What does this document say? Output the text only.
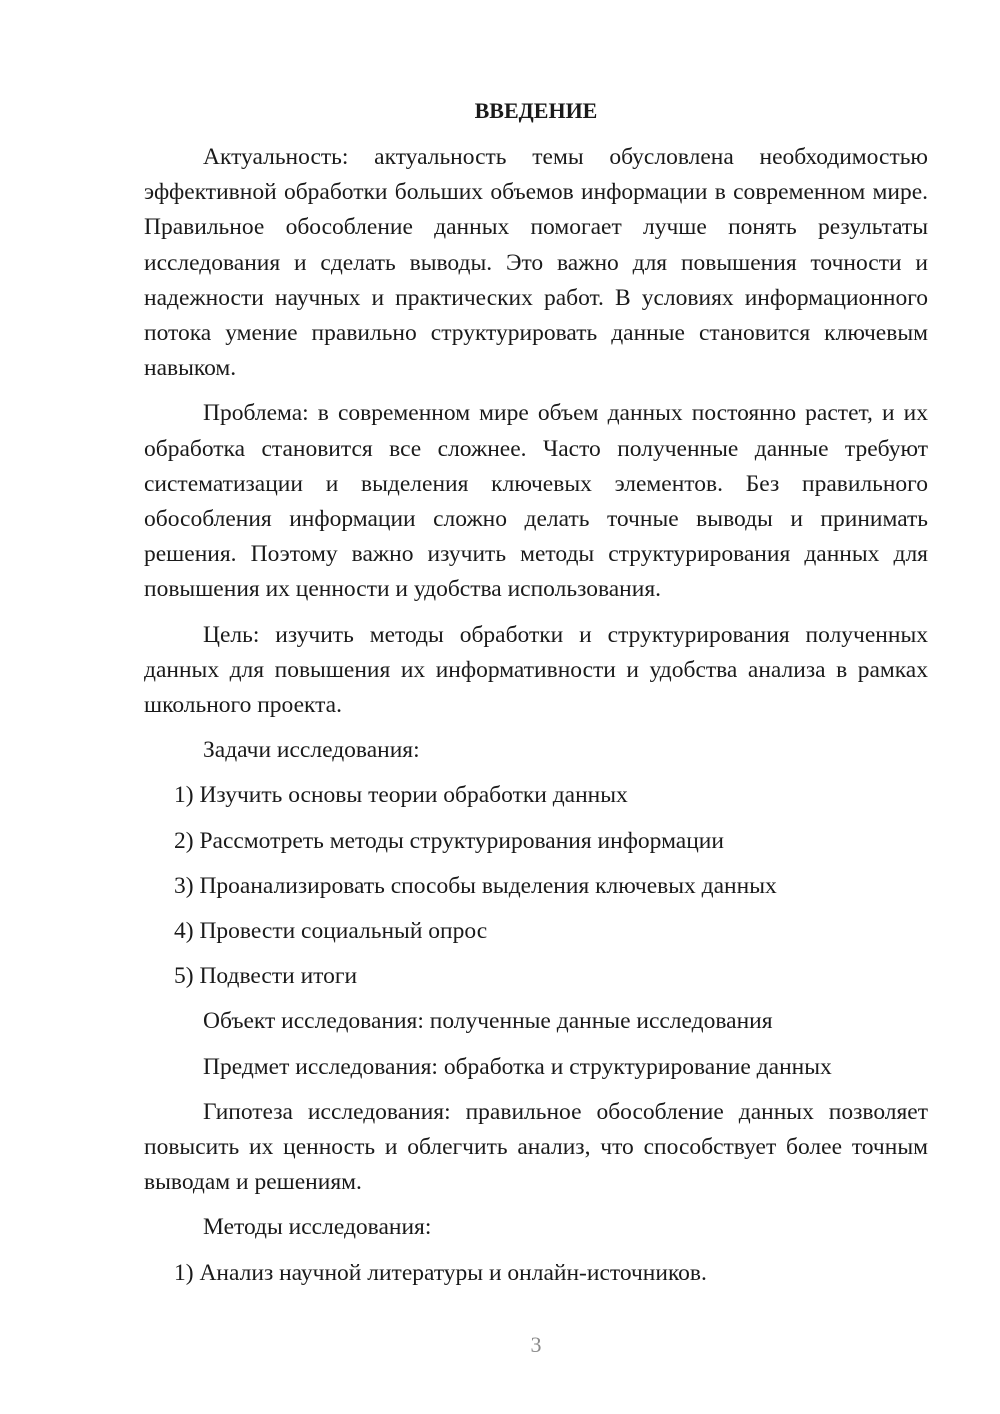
ВВЕДЕНИЕ
Актуальность: актуальность темы обусловлена необходимостью эффективной обработки больших объемов информации в современном мире. Правильное обособление данных помогает лучше понять результаты исследования и сделать выводы. Это важно для повышения точности и надежности научных и практических работ. В условиях информационного потока умение правильно структурировать данные становится ключевым навыком.
Проблема: в современном мире объем данных постоянно растет, и их обработка становится все сложнее. Часто полученные данные требуют систематизации и выделения ключевых элементов. Без правильного обособления информации сложно делать точные выводы и принимать решения. Поэтому важно изучить методы структурирования данных для повышения их ценности и удобства использования.
Цель: изучить методы обработки и структурирования полученных данных для повышения их информативности и удобства анализа в рамках школьного проекта.
Задачи исследования:
1) Изучить основы теории обработки данных
2) Рассмотреть методы структурирования информации
3) Проанализировать способы выделения ключевых данных
4) Провести социальный опрос
5) Подвести итоги
Объект исследования: полученные данные исследования
Предмет исследования: обработка и структурирование данных
Гипотеза исследования: правильное обособление данных позволяет повысить их ценность и облегчить анализ, что способствует более точным выводам и решениям.
Методы исследования:
1) Анализ научной литературы и онлайн-источников.
3
